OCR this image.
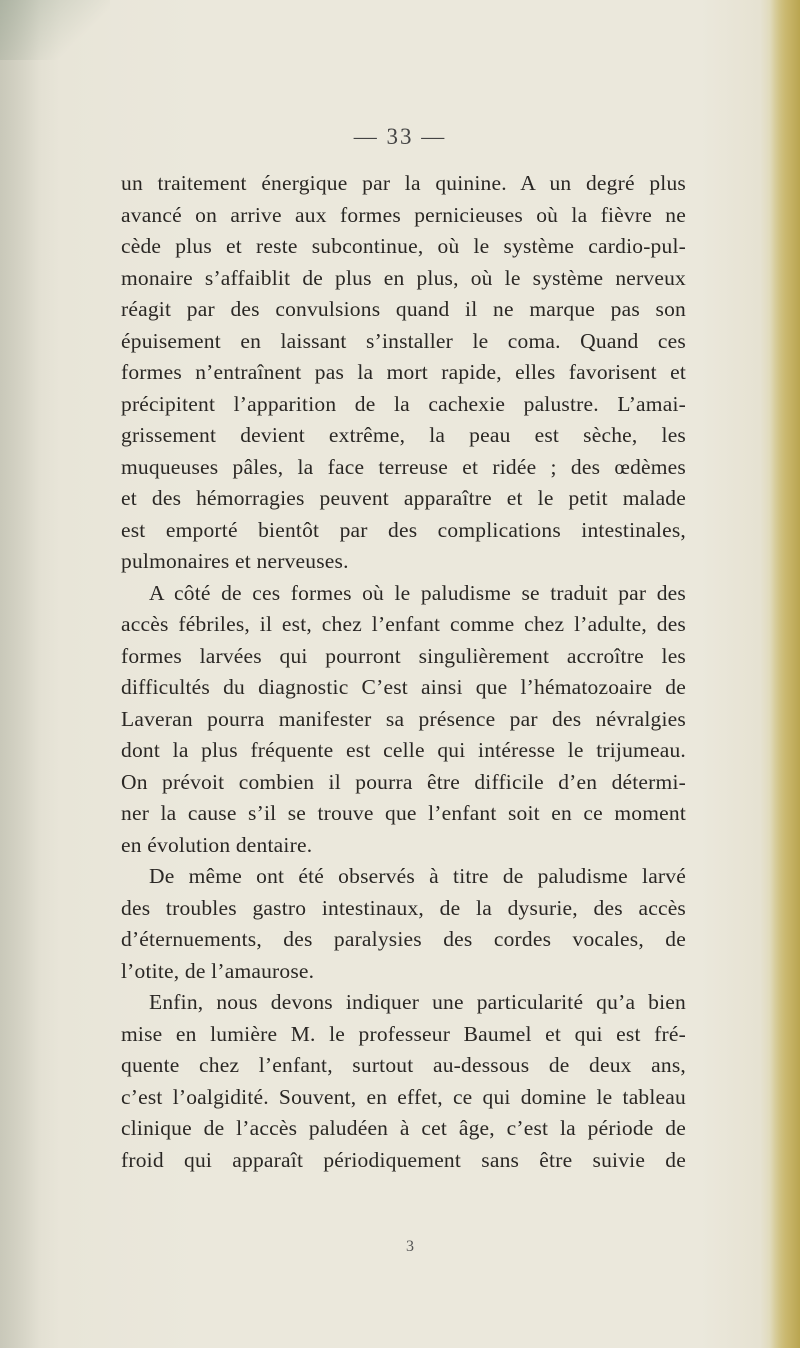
— 33 —
un traitement énergique par la quinine. A un degré plus
avancé on arrive aux formes pernicieuses où la fièvre ne
cède plus et reste subcontinue, où le système cardio-pul-
monaire s’affaiblit de plus en plus, où le système nerveux
réagit par des convulsions quand il ne marque pas son
épuisement en laissant s’installer le coma. Quand ces
formes n’entraînent pas la mort rapide, elles favorisent et
précipitent l’apparition de la cachexie palustre. L’amai-
grissement devient extrême, la peau est sèche, les
muqueuses pâles, la face terreuse et ridée ; des œdèmes
et des hémorragies peuvent apparaître et le petit malade
est emporté bientôt par des complications intestinales,
pulmonaires et nerveuses.
A côté de ces formes où le paludisme se traduit par des
accès fébriles, il est, chez l’enfant comme chez l’adulte, des
formes larvées qui pourront singulièrement accroître les
difficultés du diagnostic C’est ainsi que l’hématozoaire de
Laveran pourra manifester sa présence par des névralgies
dont la plus fréquente est celle qui intéresse le trijumeau.
On prévoit combien il pourra être difficile d’en détermi-
ner la cause s’il se trouve que l’enfant soit en ce moment
en évolution dentaire.
De même ont été observés à titre de paludisme larvé
des troubles gastro intestinaux, de la dysurie, des accès
d’éternuements, des paralysies des cordes vocales, de
l’otite, de l’amaurose.
Enfin, nous devons indiquer une particularité qu’a bien
mise en lumière M. le professeur Baumel et qui est fré-
quente chez l’enfant, surtout au-dessous de deux ans,
c’est l’oalgidité. Souvent, en effet, ce qui domine le tableau
clinique de l’accès paludéen à cet âge, c’est la période de
froid qui apparaît périodiquement sans être suivie de
3
